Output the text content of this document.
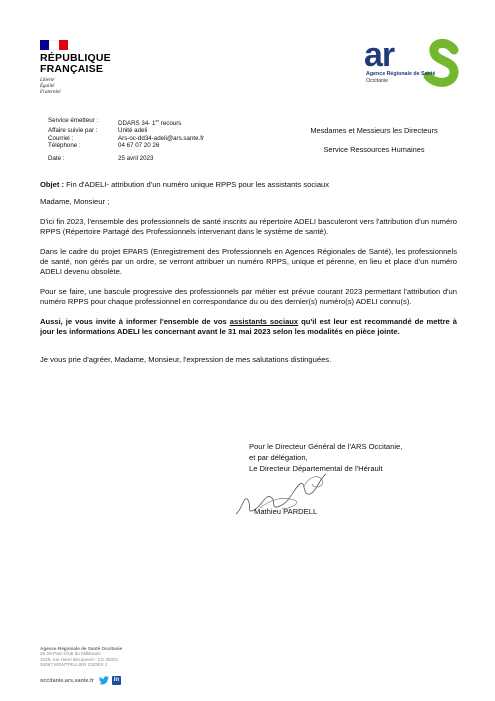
RÉPUBLIQUE
FRANÇAISE
Liberté
Égalité
Fraternité
ar
Agence Régionale de Santé
Occitanie
Service émetteur :	DDARS 34- 1er recours
Affaire suivie par :	Unité adeli
Courriel :	Ars-oc-dd34-adeli@ars.sante.fr
Téléphone :	04 67 07 20 26
Date :	25 avril 2023
Mesdames et Messieurs les Directeurs
Service Ressources Humaines
Objet : Fin d'ADELI- attribution d'un numéro unique RPPS pour les assistants sociaux

Madame, Monsieur ;

D'ici fin 2023, l'ensemble des professionnels de santé inscrits au répertoire ADELI basculeront vers l'attribution d'un numéro RPPS (Répertoire Partagé des Professionnels intervenant dans le système de santé).

Dans le cadre du projet EPARS (Enregistrement des Professionnels en Agences Régionales de Santé), les professionnels de santé, non gérés par un ordre, se verront attribuer un numéro RPPS, unique et pérenne, en lieu et place d'un numéro ADELI devenu obsolète.

Pour se faire, une bascule progressive des professionnels par métier est prévue courant 2023 permettant l'attribution d'un numéro RPPS pour chaque professionnel en correspondance du ou des dernier(s) numéro(s) ADELI connu(s).

Aussi, je vous invite à informer l'ensemble de vos assistants sociaux qu'il est leur est recommandé de mettre à jour les informations ADELI les concernant avant le 31 mai 2023 selon les modalités en pièce jointe.

Je vous prie d'agréer, Madame, Monsieur, l'expression de mes salutations distinguées.

Pour le Directeur Général de l'ARS Occitanie,
et par délégation,
Le Directeur Départemental de l'Hérault
Mathieu PARDELL
Agence Régionale de Santé Occitanie
26-28 Parc-Club du Millénaire
1025, rue Henri Becquerel - CS 30001
34067 MONTPELLIER CEDEX 2
occitanie.ars.sante.fr	in
